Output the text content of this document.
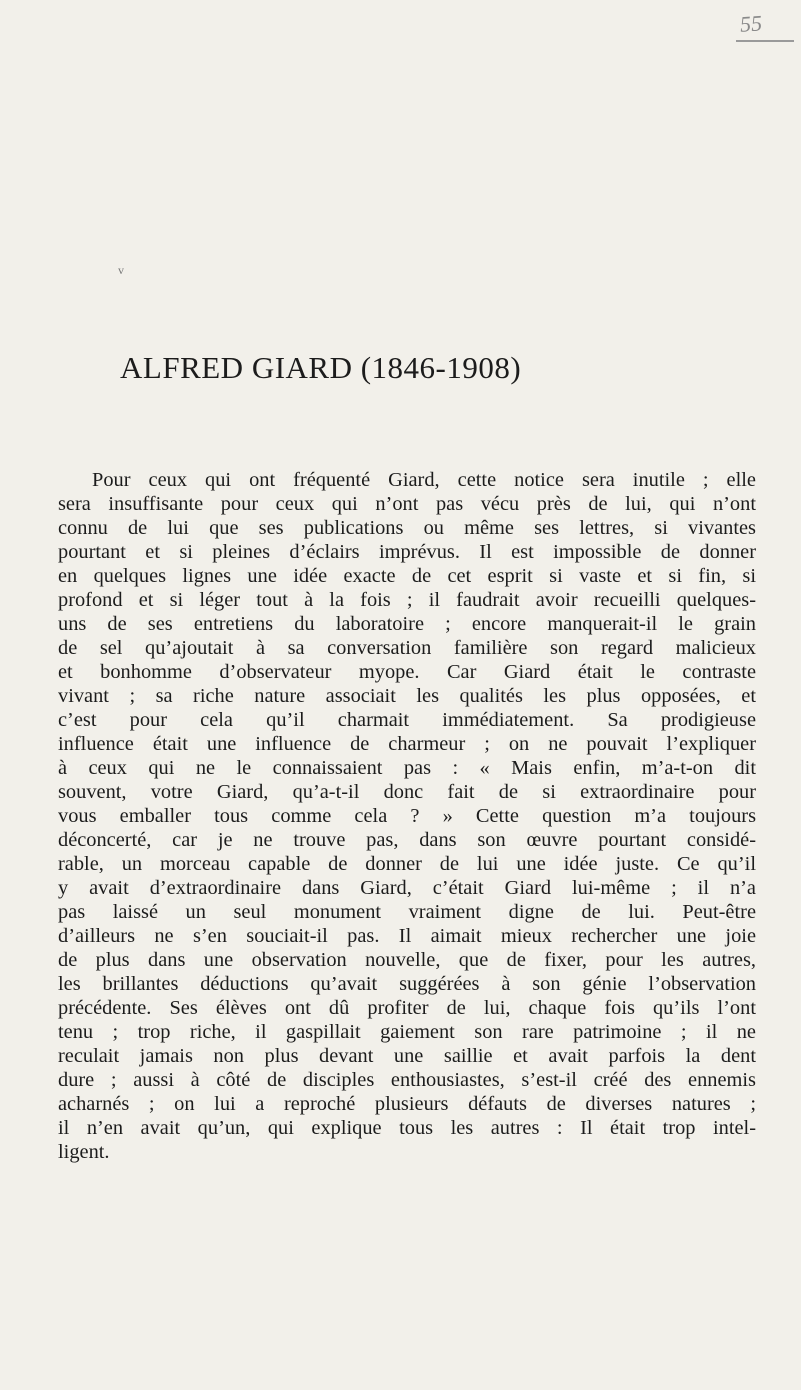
55
v
ALFRED GIARD (1846-1908)
Pour ceux qui ont fréquenté Giard, cette notice sera inutile ; elle
sera insuffisante pour ceux qui n’ont pas vécu près de lui, qui n’ont
connu de lui que ses publications ou même ses lettres, si vivantes
pourtant et si pleines d’éclairs imprévus. Il est impossible de donner
en quelques lignes une idée exacte de cet esprit si vaste et si fin, si
profond et si léger tout à la fois ; il faudrait avoir recueilli quelques-
uns de ses entretiens du laboratoire ; encore manquerait-il le grain
de sel qu’ajoutait à sa conversation familière son regard malicieux
et bonhomme d’observateur myope. Car Giard était le contraste
vivant ; sa riche nature associait les qualités les plus opposées, et
c’est pour cela qu’il charmait immédiatement. Sa prodigieuse
influence était une influence de charmeur ; on ne pouvait l’expliquer
à ceux qui ne le connaissaient pas : « Mais enfin, m’a-t-on dit
souvent, votre Giard, qu’a-t-il donc fait de si extraordinaire pour
vous emballer tous comme cela ? » Cette question m’a toujours
déconcerté, car je ne trouve pas, dans son œuvre pourtant considé-
rable, un morceau capable de donner de lui une idée juste. Ce qu’il
y avait d’extraordinaire dans Giard, c’était Giard lui-même ; il n’a
pas laissé un seul monument vraiment digne de lui. Peut-être
d’ailleurs ne s’en souciait-il pas. Il aimait mieux rechercher une joie
de plus dans une observation nouvelle, que de fixer, pour les autres,
les brillantes déductions qu’avait suggérées à son génie l’observation
précédente. Ses élèves ont dû profiter de lui, chaque fois qu’ils l’ont
tenu ; trop riche, il gaspillait gaiement son rare patrimoine ; il ne
reculait jamais non plus devant une saillie et avait parfois la dent
dure ; aussi à côté de disciples enthousiastes, s’est-il créé des ennemis
acharnés ; on lui a reproché plusieurs défauts de diverses natures ;
il n’en avait qu’un, qui explique tous les autres : Il était trop intel-
ligent.
